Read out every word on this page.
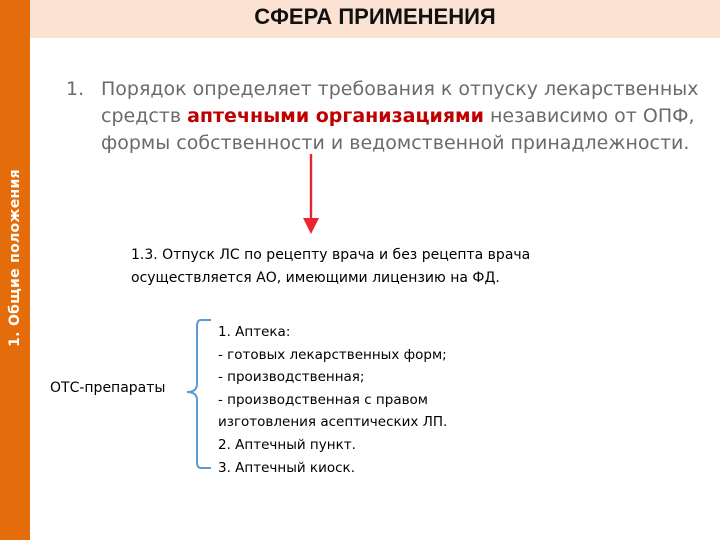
1. Общие положения
СФЕРА ПРИМЕНЕНИЯ
1. Порядок определяет требования к отпуску лекарственных средств аптечными организациями независимо от ОПФ, формы собственности и ведомственной принадлежности.
1.3. Отпуск ЛС по рецепту врача и без рецепта врача осуществляется АО, имеющими лицензию на ФД.
ОТС-препараты
1. Аптека:
- готовых лекарственных форм;
- производственная;
- производственная с правом
изготовления асептических ЛП.
2. Аптечный пункт.
3. Аптечный киоск.
